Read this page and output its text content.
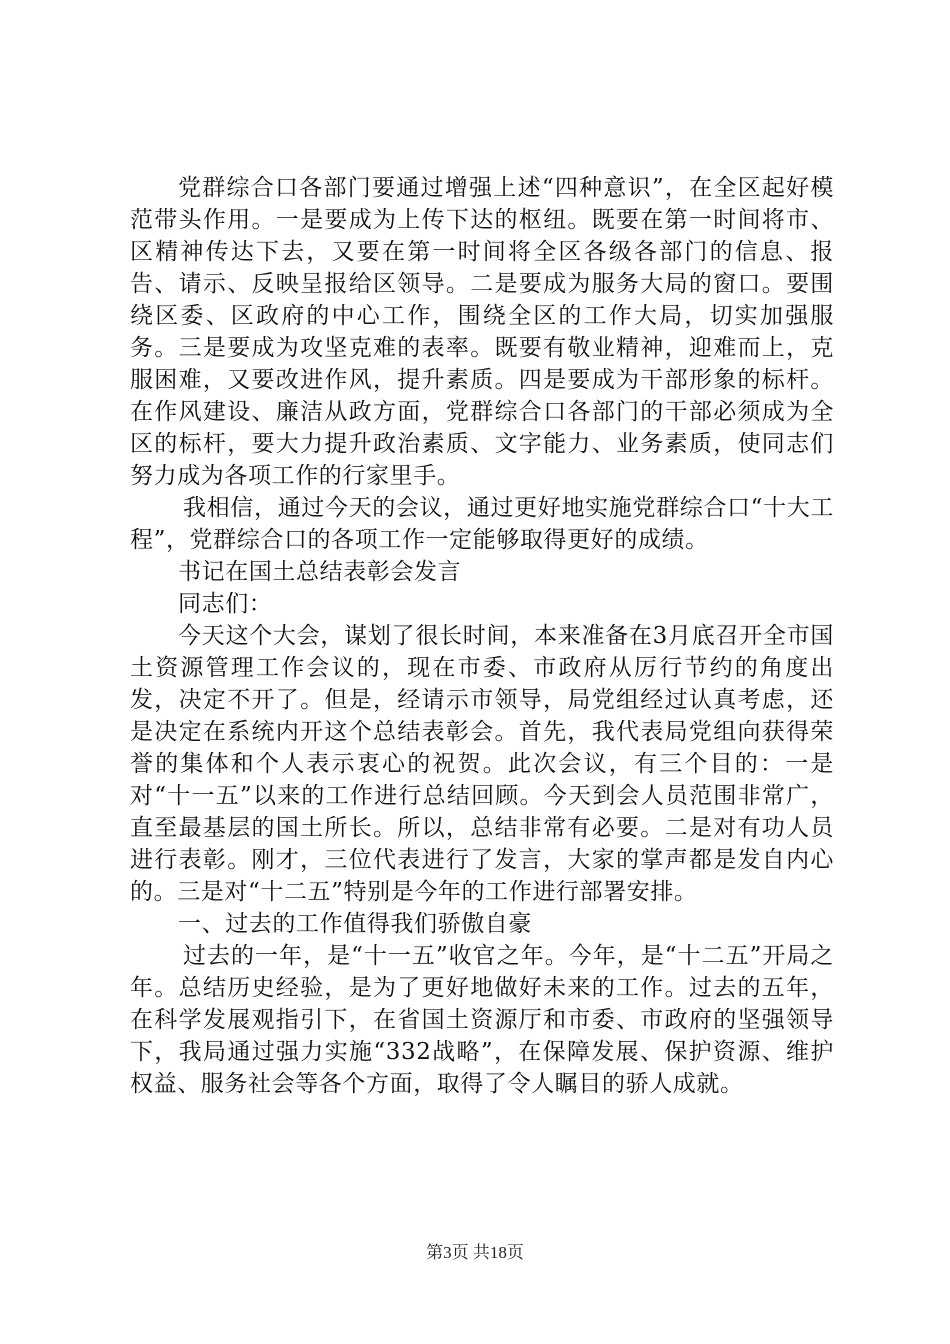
党群综合口各部门要通过增强上述“四种意识”，在全区起好模范带头作用。一是要成为上传下达的枢纽。既要在第一时间将市、区精神传达下去，又要在第一时间将全区各级各部门的信息、报告、请示、反映呈报给区领导。二是要成为服务大局的窗口。要围绕区委、区政府的中心工作，围绕全区的工作大局，切实加强服务。三是要成为攻坚克难的表率。既要有敬业精神，迎难而上，克服困难，又要改进作风，提升素质。四是要成为干部形象的标杆。在作风建设、廉洁从政方面，党群综合口各部门的干部必须成为全区的标杆，要大力提升政治素质、文字能力、业务素质，使同志们努力成为各项工作的行家里手。

我相信，通过今天的会议，通过更好地实施党群综合口“十大工程”，党群综合口的各项工作一定能够取得更好的成绩。

书记在国土总结表彰会发言

同志们：

今天这个大会，谋划了很长时间，本来准备在3月底召开全市国土资源管理工作会议的，现在市委、市政府从厉行节约的角度出发，决定不开了。但是，经请示市领导，局党组经过认真考虑，还是决定在系统内开这个总结表彰会。首先，我代表局党组向获得荣誉的集体和个人表示衷心的祝贺。此次会议，有三个目的：一是对“十一五”以来的工作进行总结回顾。今天到会人员范围非常广，直至最基层的国土所长。所以，总结非常有必要。二是对有功人员进行表彰。刚才，三位代表进行了发言，大家的掌声都是发自内心的。三是对“十二五”特别是今年的工作进行部署安排。

一、过去的工作值得我们骄傲自豪

过去的一年，是“十一五”收官之年。今年，是“十二五”开局之年。总结历史经验，是为了更好地做好未来的工作。过去的五年，在科学发展观指引下，在省国土资源厅和市委、市政府的坚强领导下，我局通过强力实施“332战略”，在保障发展、保护资源、维护权益、服务社会等各个方面，取得了令人瞩目的骄人成就。

第3页 共18页
